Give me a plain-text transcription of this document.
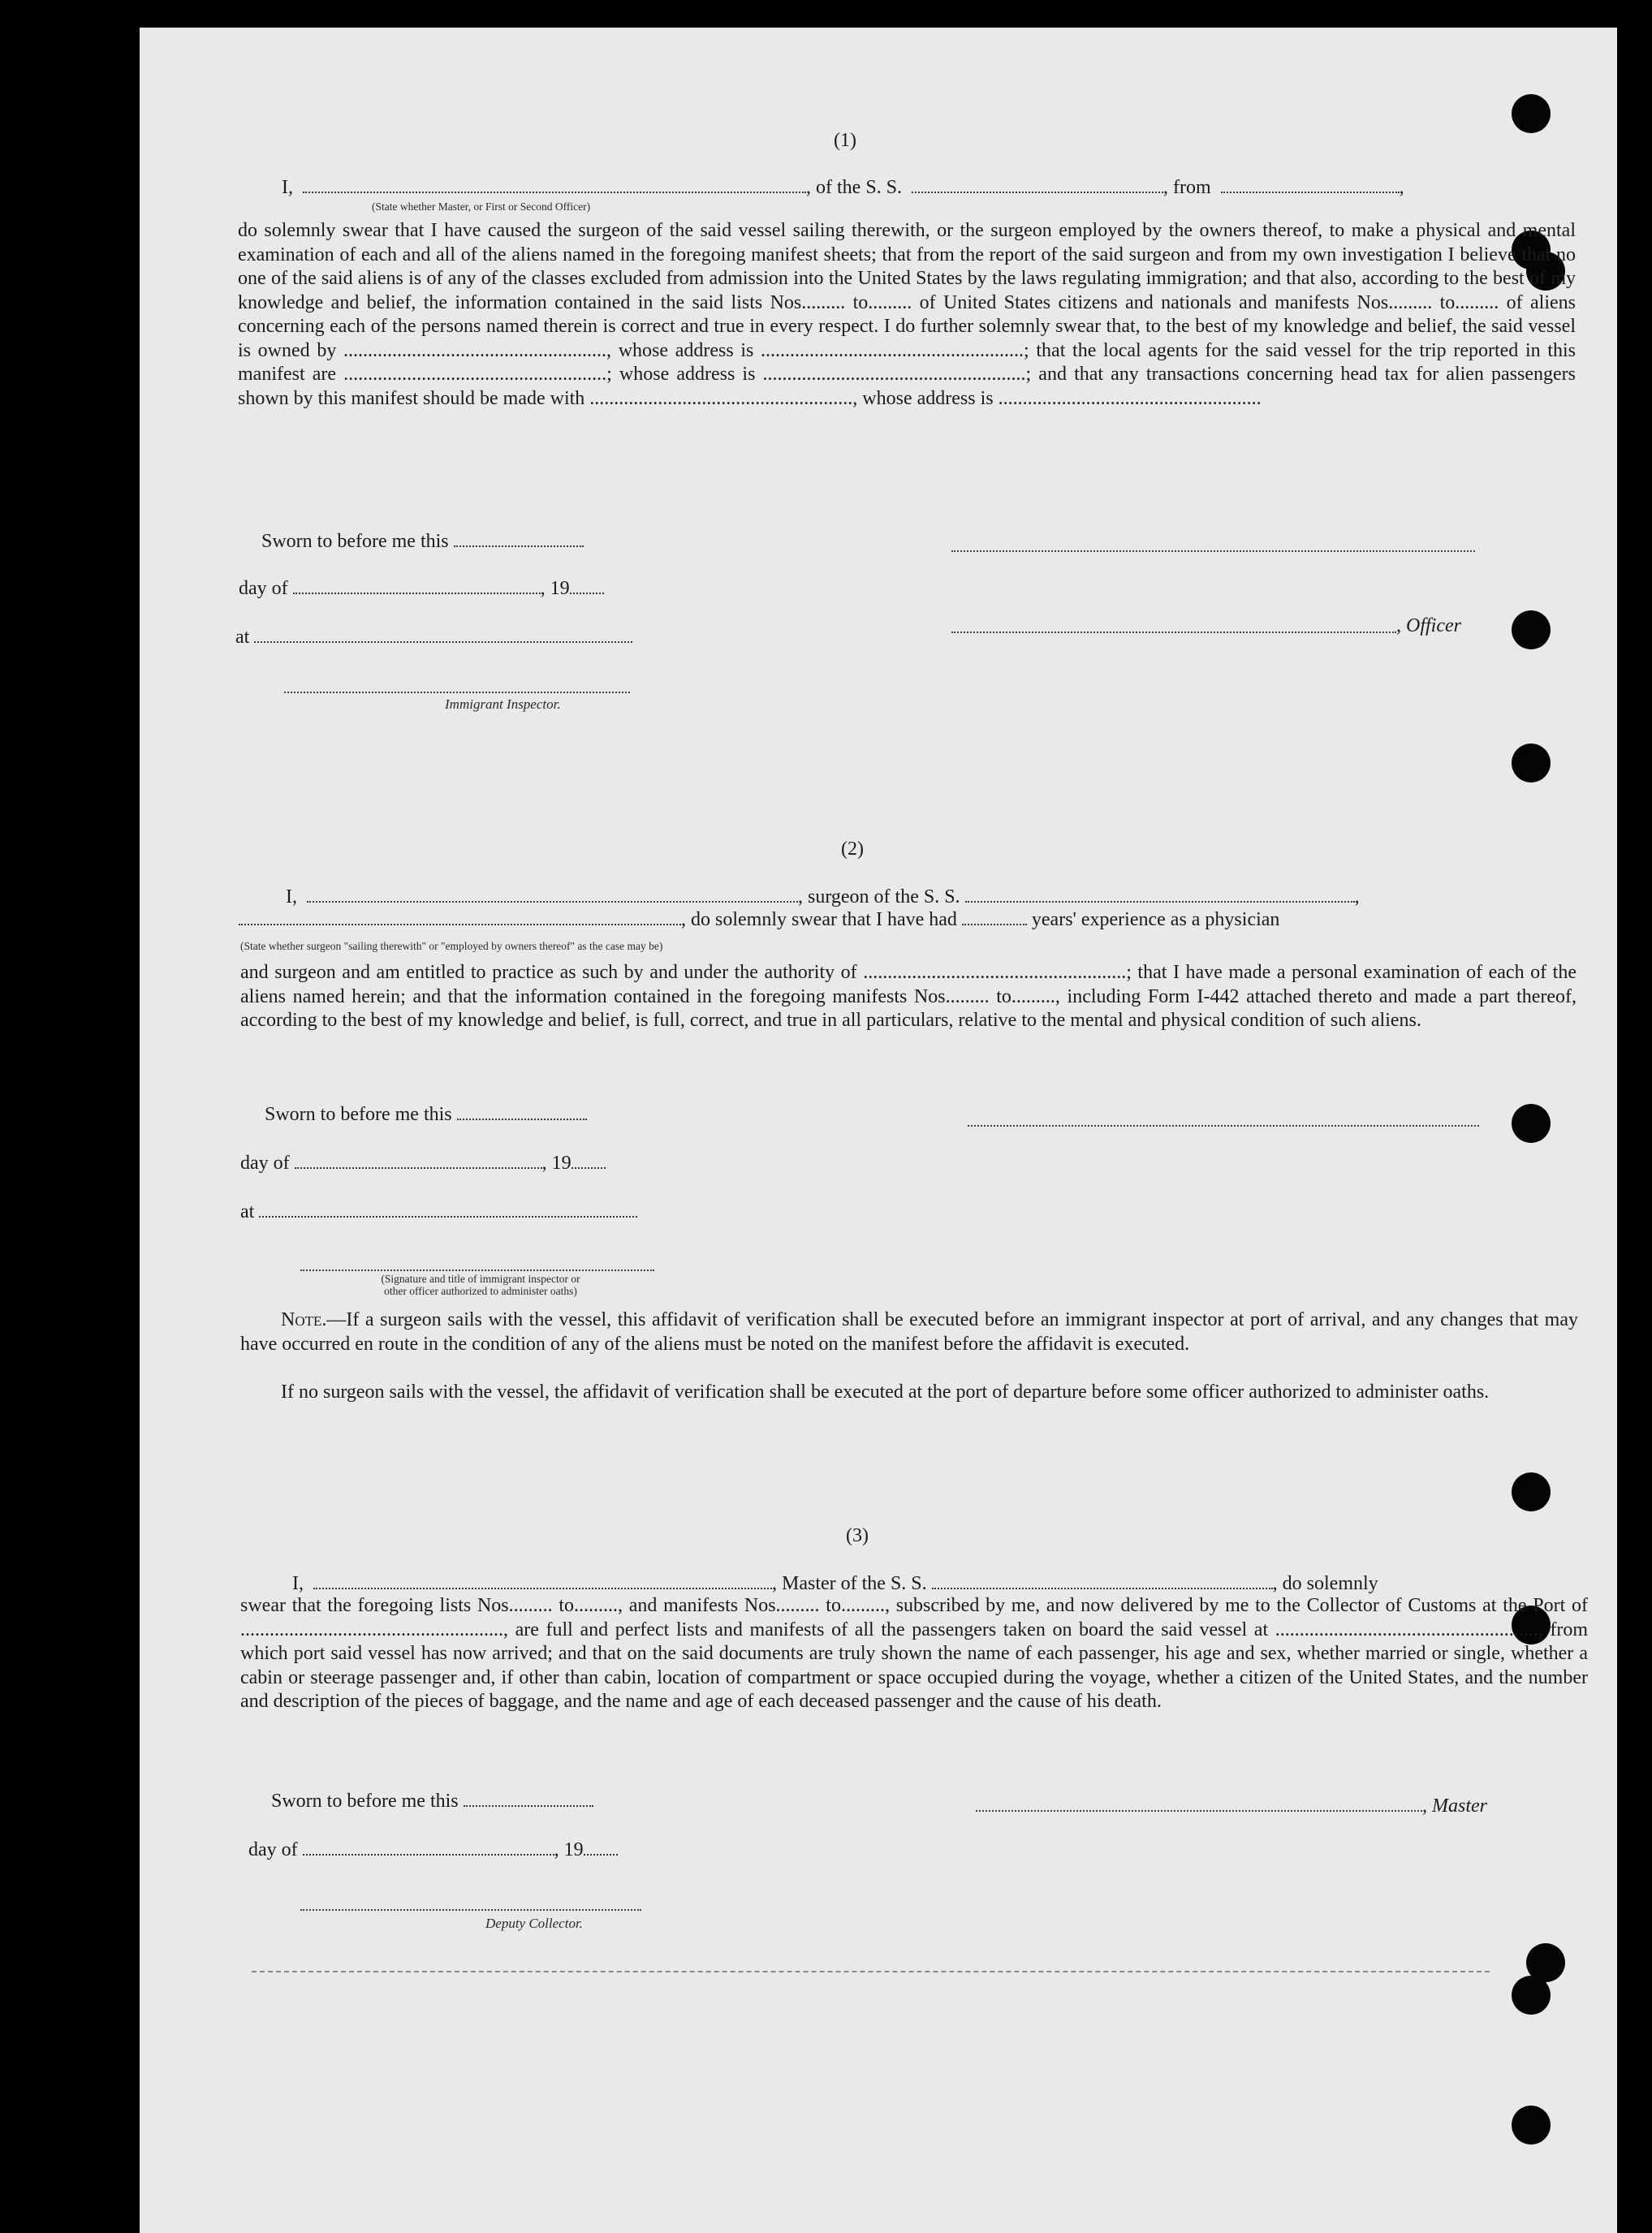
(1)
I,	, of the S. S.	, from	,
(State whether Master, or First or Second Officer)
do solemnly swear that I have caused the surgeon of the said vessel sailing therewith, or the surgeon employed by the owners thereof, to make a physical and mental examination of each and all of the aliens named in the foregoing manifest sheets; that from the report of the said surgeon and from my own investigation I believe that no one of the said aliens is of any of the classes excluded from admission into the United States by the laws regulating immigration; and that also, according to the best of my knowledge and belief, the information contained in the said lists Nos......... to......... of United States citizens and nationals and manifests Nos......... to......... of aliens concerning each of the persons named therein is correct and true in every respect. I do further solemnly swear that, to the best of my knowledge and belief, the said vessel is owned by ......................................................, whose address is ......................................................; that the local agents for the said vessel for the trip reported in this manifest are ......................................................; whose address is ......................................................; and that any transactions concerning head tax for alien passengers shown by this manifest should be made with ......................................................, whose address is ......................................................
Sworn to before me this
day of	, 19
, Officer
at
Immigrant Inspector.
(2)
I,	, surgeon of the S. S.	,
, do solemnly swear that I have had	years' experience as a physician
(State whether surgeon "sailing therewith" or "employed by owners thereof" as the case may be)
and surgeon and am entitled to practice as such by and under the authority of ......................................................; that I have made a personal examination of each of the aliens named herein; and that the information contained in the foregoing manifests Nos......... to........., including Form I-442 attached thereto and made a part thereof, according to the best of my knowledge and belief, is full, correct, and true in all particulars, relative to the mental and physical condition of such aliens.
Sworn to before me this
day of	, 19
at
(Signature and title of immigrant inspector or
other officer authorized to administer oaths)
Note.—If a surgeon sails with the vessel, this affidavit of verification shall be executed before an immigrant inspector at port of arrival, and any changes that may have occurred en route in the condition of any of the aliens must be noted on the manifest before the affidavit is executed.
If no surgeon sails with the vessel, the affidavit of verification shall be executed at the port of departure before some officer authorized to administer oaths.
(3)
I,	, Master of the S. S.	, do solemnly
swear that the foregoing lists Nos......... to........., and manifests Nos......... to........., subscribed by me, and now delivered by me to the Collector of Customs at the Port of ......................................................, are full and perfect lists and manifests of all the passengers taken on board the said vessel at ......................................................, from which port said vessel has now arrived; and that on the said documents are truly shown the name of each passenger, his age and sex, whether married or single, whether a cabin or steerage passenger and, if other than cabin, location of compartment or space occupied during the voyage, whether a citizen of the United States, and the number and description of the pieces of baggage, and the name and age of each deceased passenger and the cause of his death.
Sworn to before me this	, Master
day of	, 19
Deputy Collector.
